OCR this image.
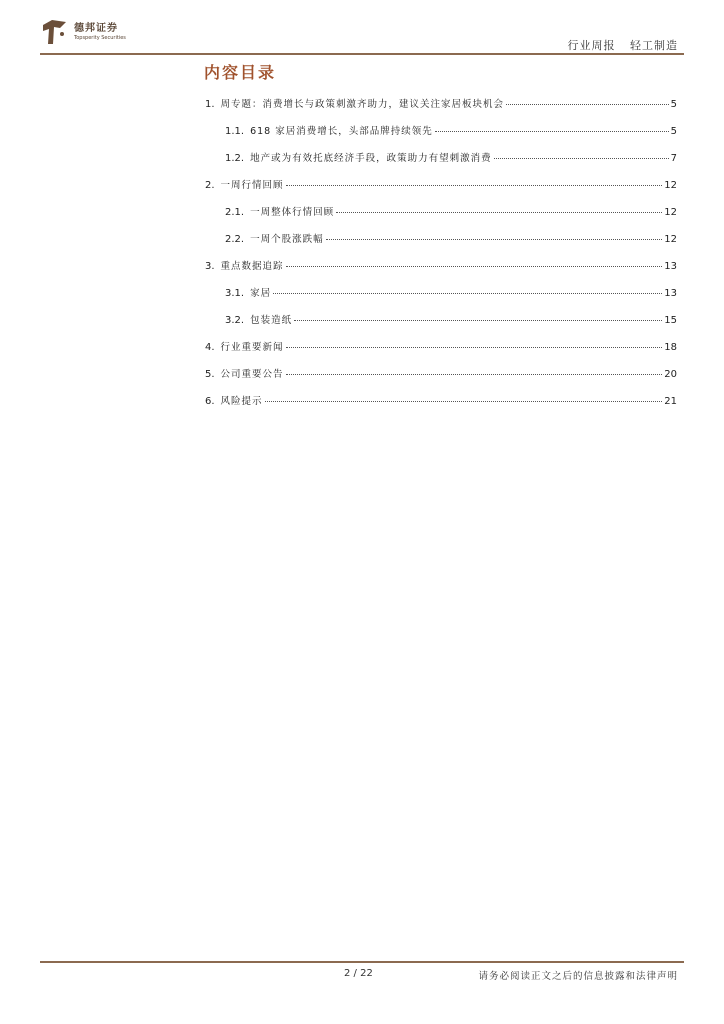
德邦证券
Topsperity Securities
行业周报 轻工制造
内容目录
1. 周专题：消费增长与政策刺激齐助力，建议关注家居板块机会	5
1.1. 618 家居消费增长，头部品牌持续领先	5
1.2. 地产或为有效托底经济手段，政策助力有望刺激消费	7
2. 一周行情回顾	12
2.1. 一周整体行情回顾	12
2.2. 一周个股涨跌幅	12
3. 重点数据追踪	13
3.1. 家居	13
3.2. 包装造纸	15
4. 行业重要新闻	18
5. 公司重要公告	20
6. 风险提示	21
2 / 22	请务必阅读正文之后的信息披露和法律声明
